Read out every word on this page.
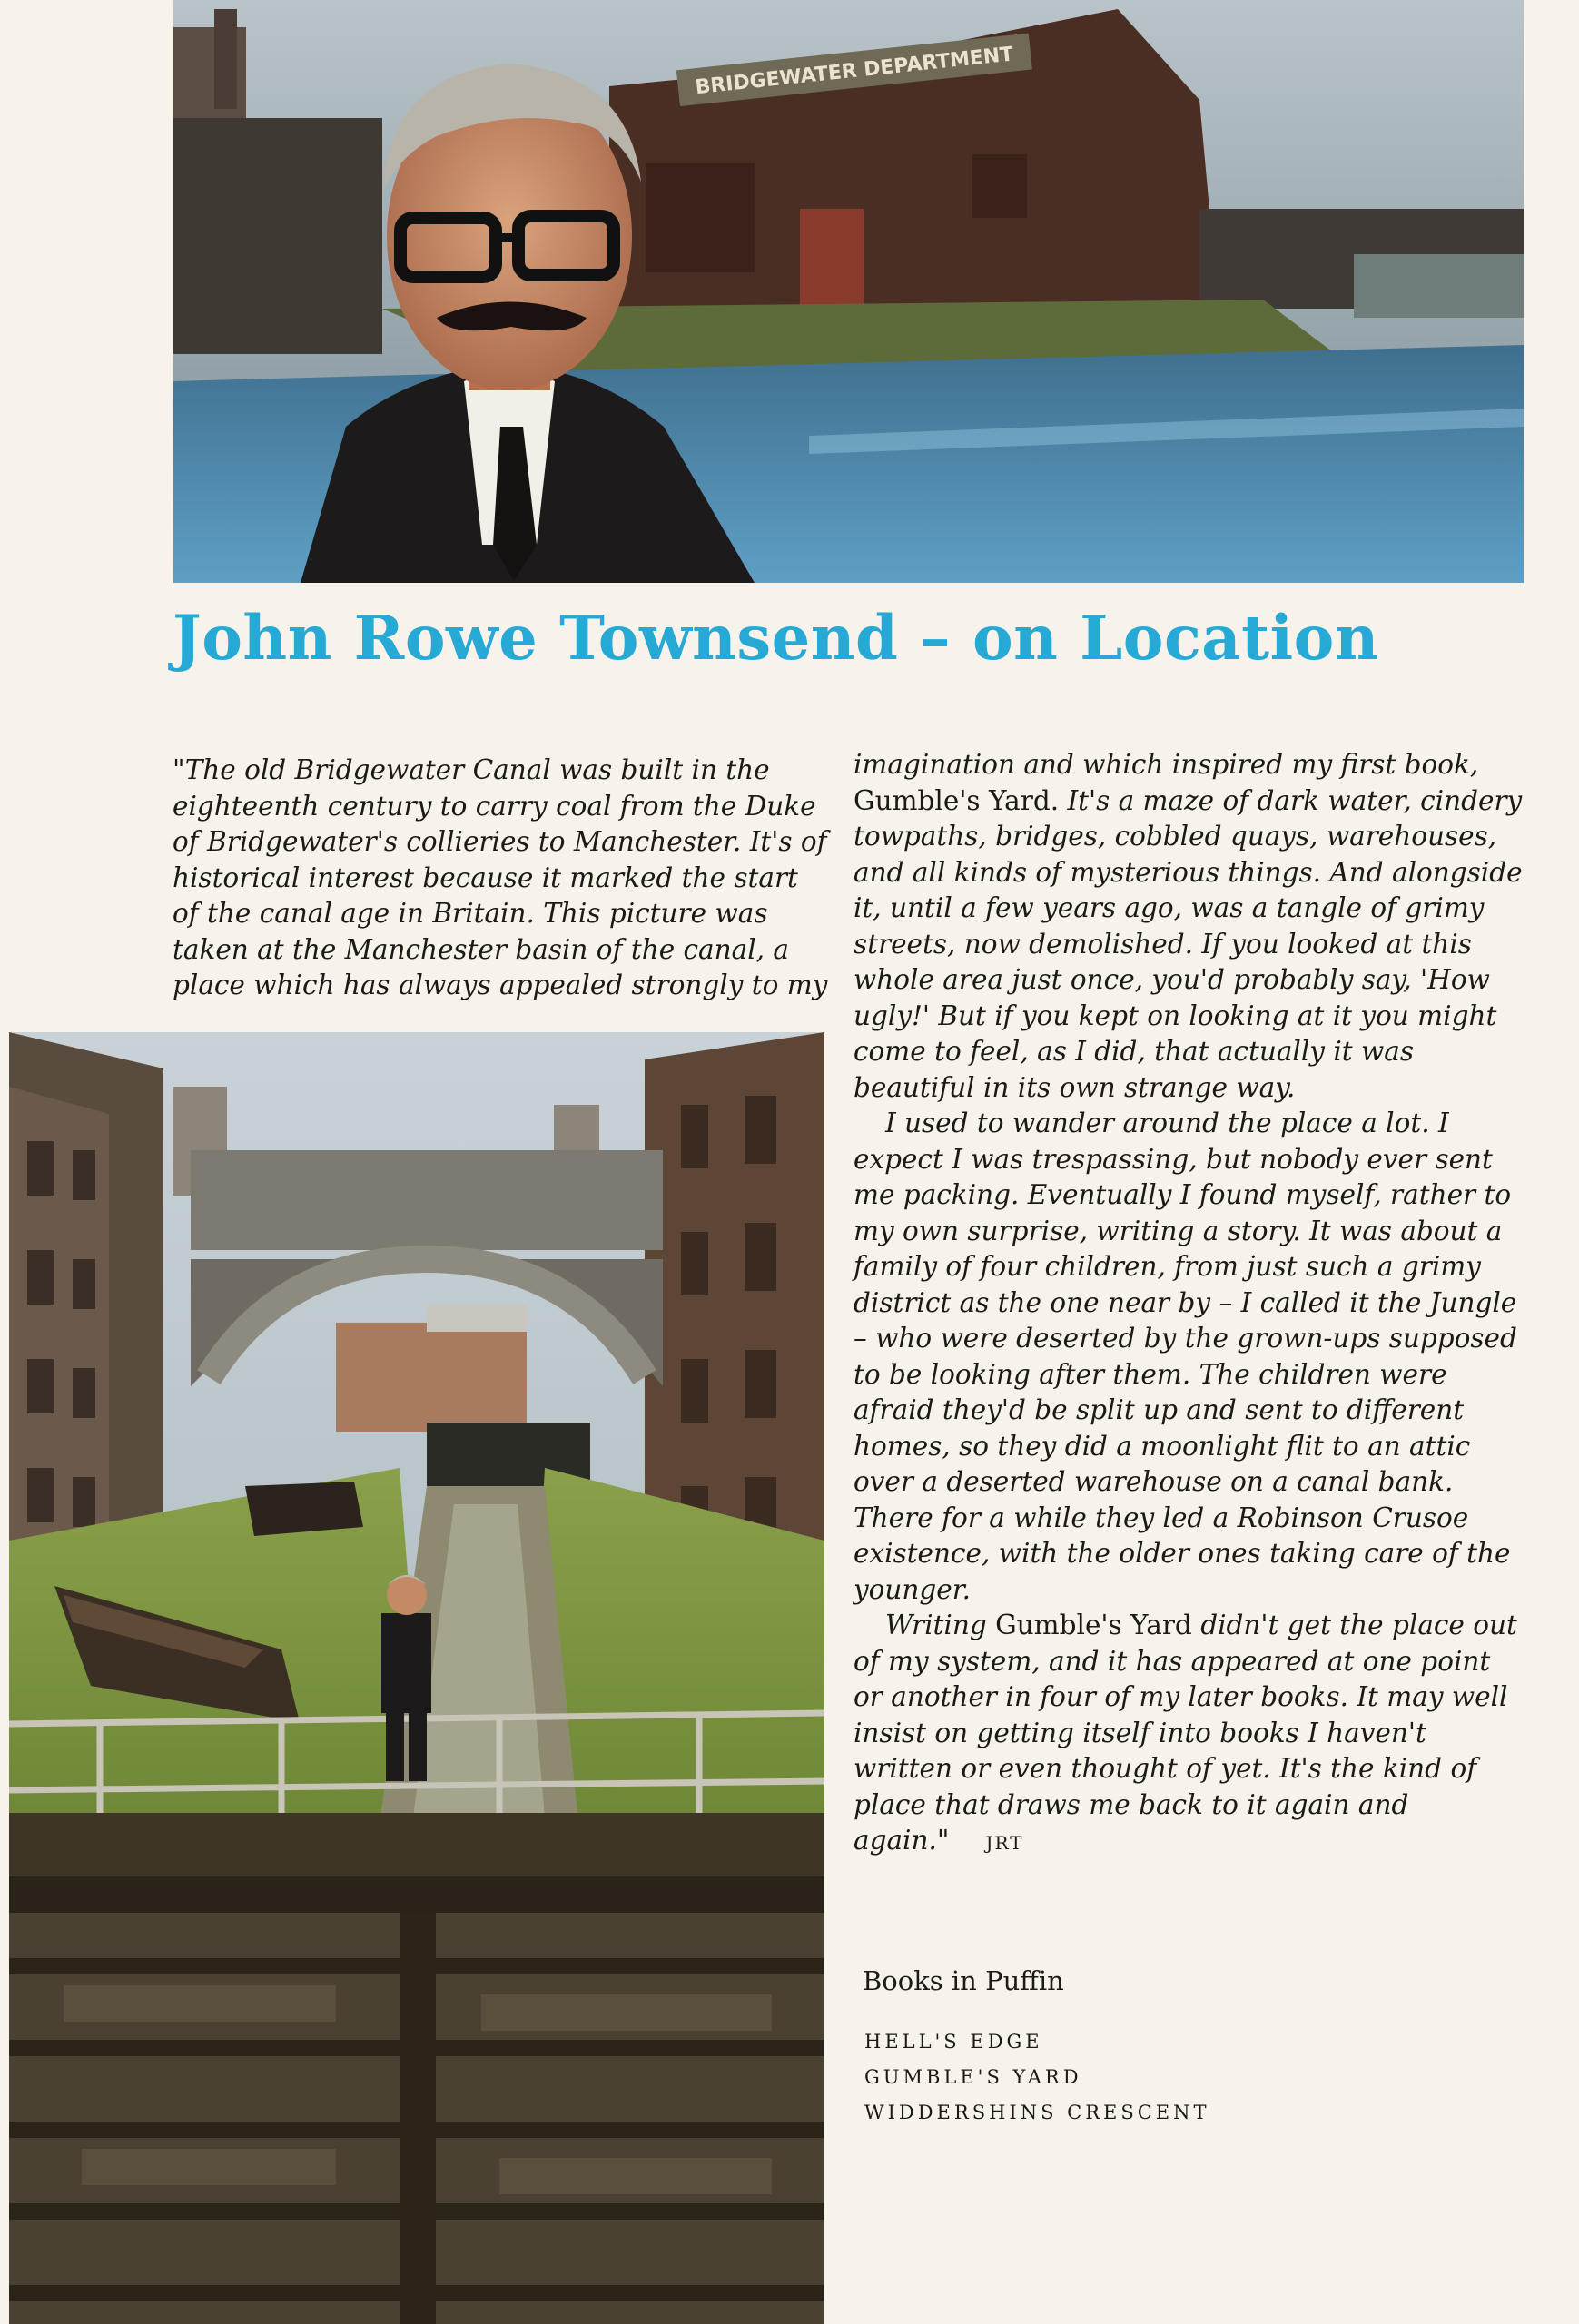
BRIDGEWATER DEPARTMENT
John Rowe Townsend – on Location

"The old Bridgewater Canal was built in the eighteenth century to carry coal from the Duke of Bridgewater's collieries to Manchester. It's of historical interest because it marked the start of the canal age in Britain. This picture was taken at the Manchester basin of the canal, a place which has always appealed strongly to my

imagination and which inspired my first book, Gumble's Yard. It's a maze of dark water, cindery towpaths, bridges, cobbled quays, warehouses, and all kinds of mysterious things. And alongside it, until a few years ago, was a tangle of grimy streets, now demolished. If you looked at this whole area just once, you'd probably say, 'How ugly!' But if you kept on looking at it you might come to feel, as I did, that actually it was beautiful in its own strange way.

I used to wander around the place a lot. I expect I was trespassing, but nobody ever sent me packing. Eventually I found myself, rather to my own surprise, writing a story. It was about a family of four children, from just such a grimy district as the one near by – I called it the Jungle – who were deserted by the grown-ups supposed to be looking after them. The children were afraid they'd be split up and sent to different homes, so they did a moonlight flit to an attic over a deserted warehouse on a canal bank. There for a while they led a Robinson Crusoe existence, with the older ones taking care of the younger.

Writing Gumble's Yard didn't get the place out of my system, and it has appeared at one point or another in four of my later books. It may well insist on getting itself into books I haven't written or even thought of yet. It's the kind of place that draws me back to it again and again." JRT

Books in Puffin

HELL'S EDGE
GUMBLE'S YARD
WIDDERSHINS CRESCENT
